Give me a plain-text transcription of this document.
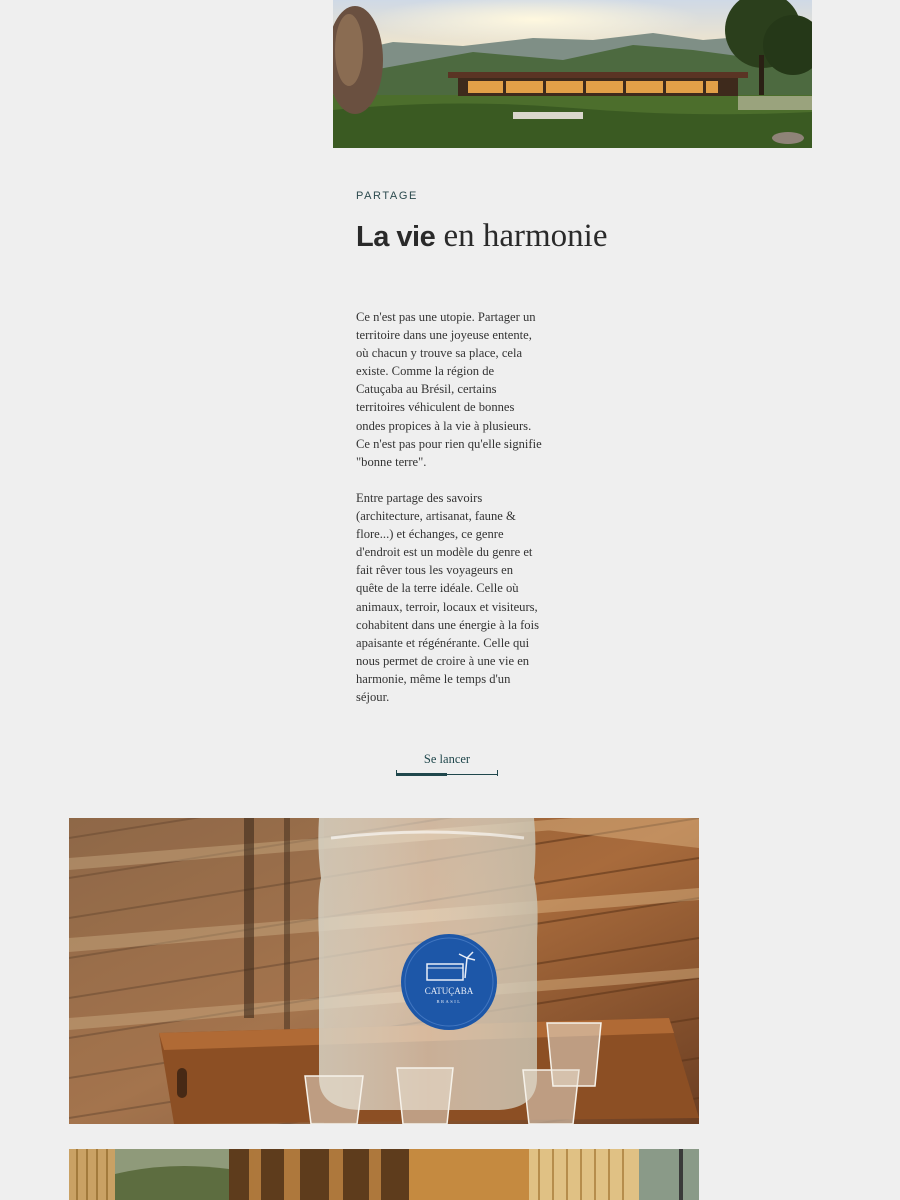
PARTAGE
La vie en harmonie

Ce n'est pas une utopie. Partager un territoire dans une joyeuse entente, où chacun y trouve sa place, cela existe. Comme la région de Catuçaba au Brésil, certains territoires véhiculent de bonnes ondes propices à la vie à plusieurs. Ce n'est pas pour rien qu'elle signifie "bonne terre".

Entre partage des savoirs (architecture, artisanat, faune & flore...) et échanges, ce genre d'endroit est un modèle du genre et fait rêver tous les voyageurs en quête de la terre idéale. Celle où animaux, terroir, locaux et visiteurs, cohabitent dans une énergie à la fois apaisante et régénérante. Celle qui nous permet de croire à une vie en harmonie, même le temps d'un séjour.

Se lancer
CATUÇABA
BRASIL
